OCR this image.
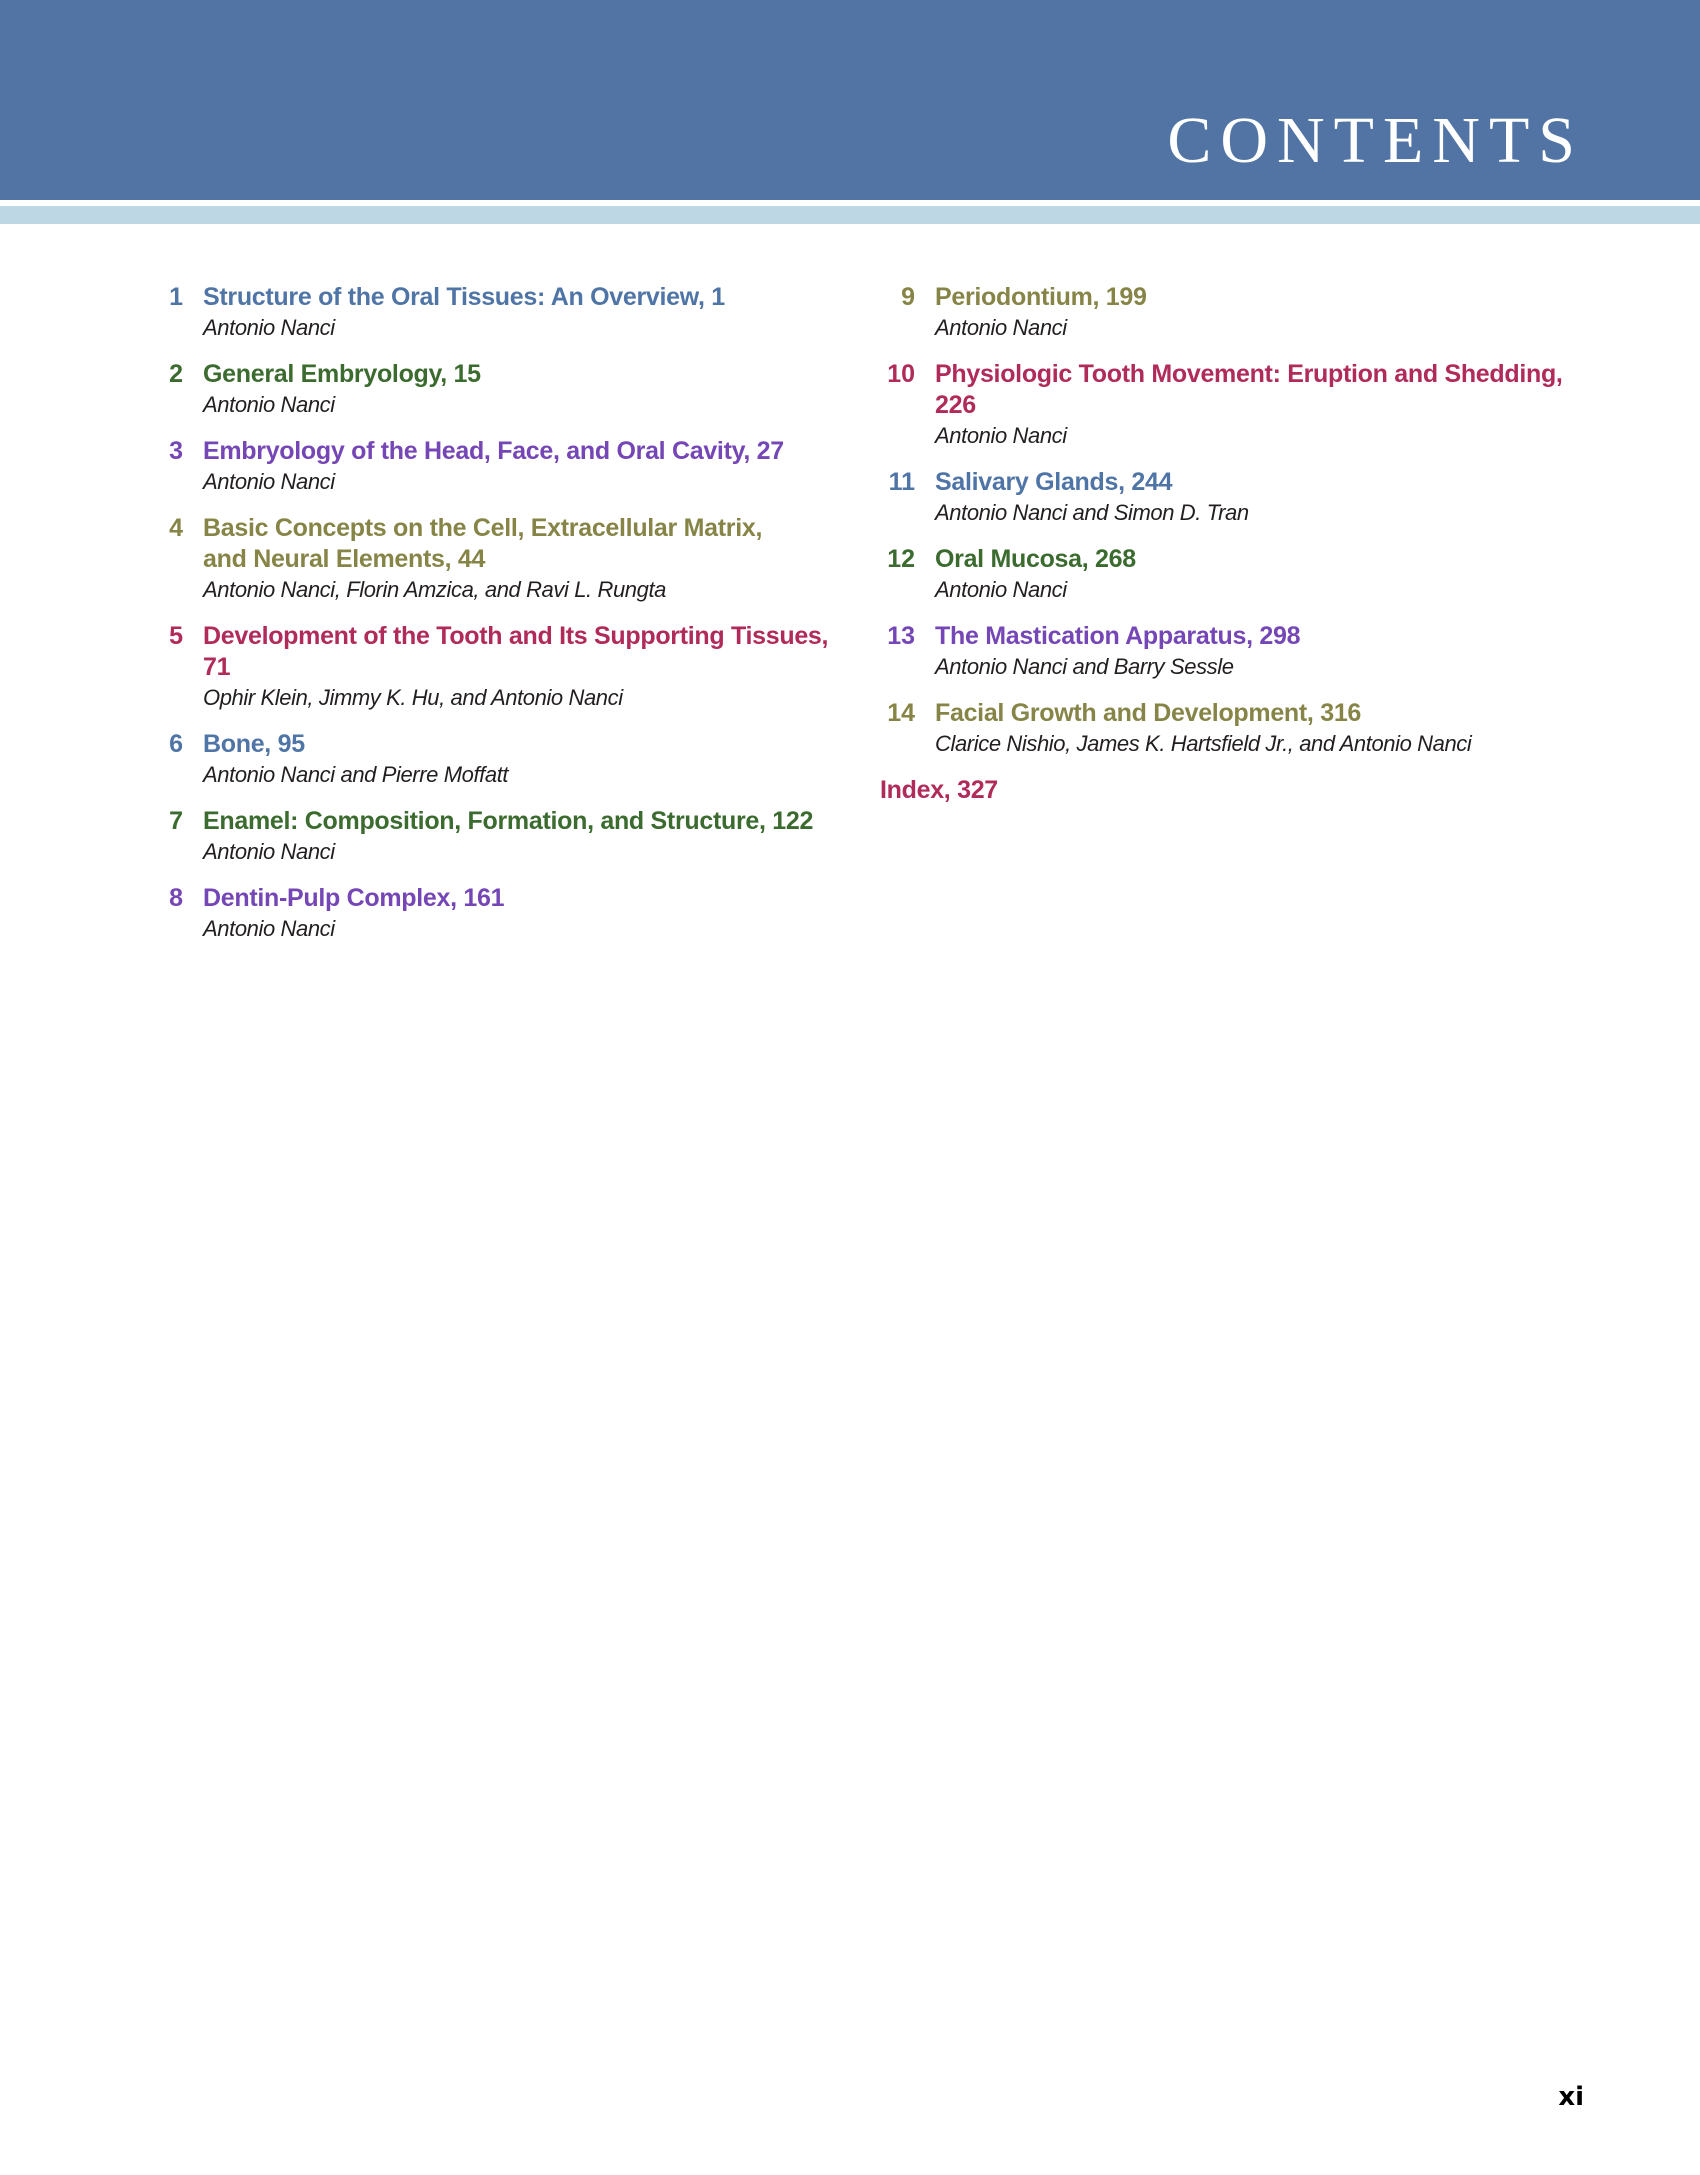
CONTENTS
1 Structure of the Oral Tissues: An Overview, 1
Antonio Nanci
2 General Embryology, 15
Antonio Nanci
3 Embryology of the Head, Face, and Oral Cavity, 27
Antonio Nanci
4 Basic Concepts on the Cell, Extracellular Matrix,
and Neural Elements, 44
Antonio Nanci, Florin Amzica, and Ravi L. Rungta
5 Development of the Tooth and Its Supporting Tissues, 71
Ophir Klein, Jimmy K. Hu, and Antonio Nanci
6 Bone, 95
Antonio Nanci and Pierre Moffatt
7 Enamel: Composition, Formation, and Structure, 122
Antonio Nanci
8 Dentin-Pulp Complex, 161
Antonio Nanci
9 Periodontium, 199
Antonio Nanci
10 Physiologic Tooth Movement: Eruption and Shedding, 226
Antonio Nanci
11 Salivary Glands, 244
Antonio Nanci and Simon D. Tran
12 Oral Mucosa, 268
Antonio Nanci
13 The Mastication Apparatus, 298
Antonio Nanci and Barry Sessle
14 Facial Growth and Development, 316
Clarice Nishio, James K. Hartsfield Jr., and Antonio Nanci
Index, 327
xi
